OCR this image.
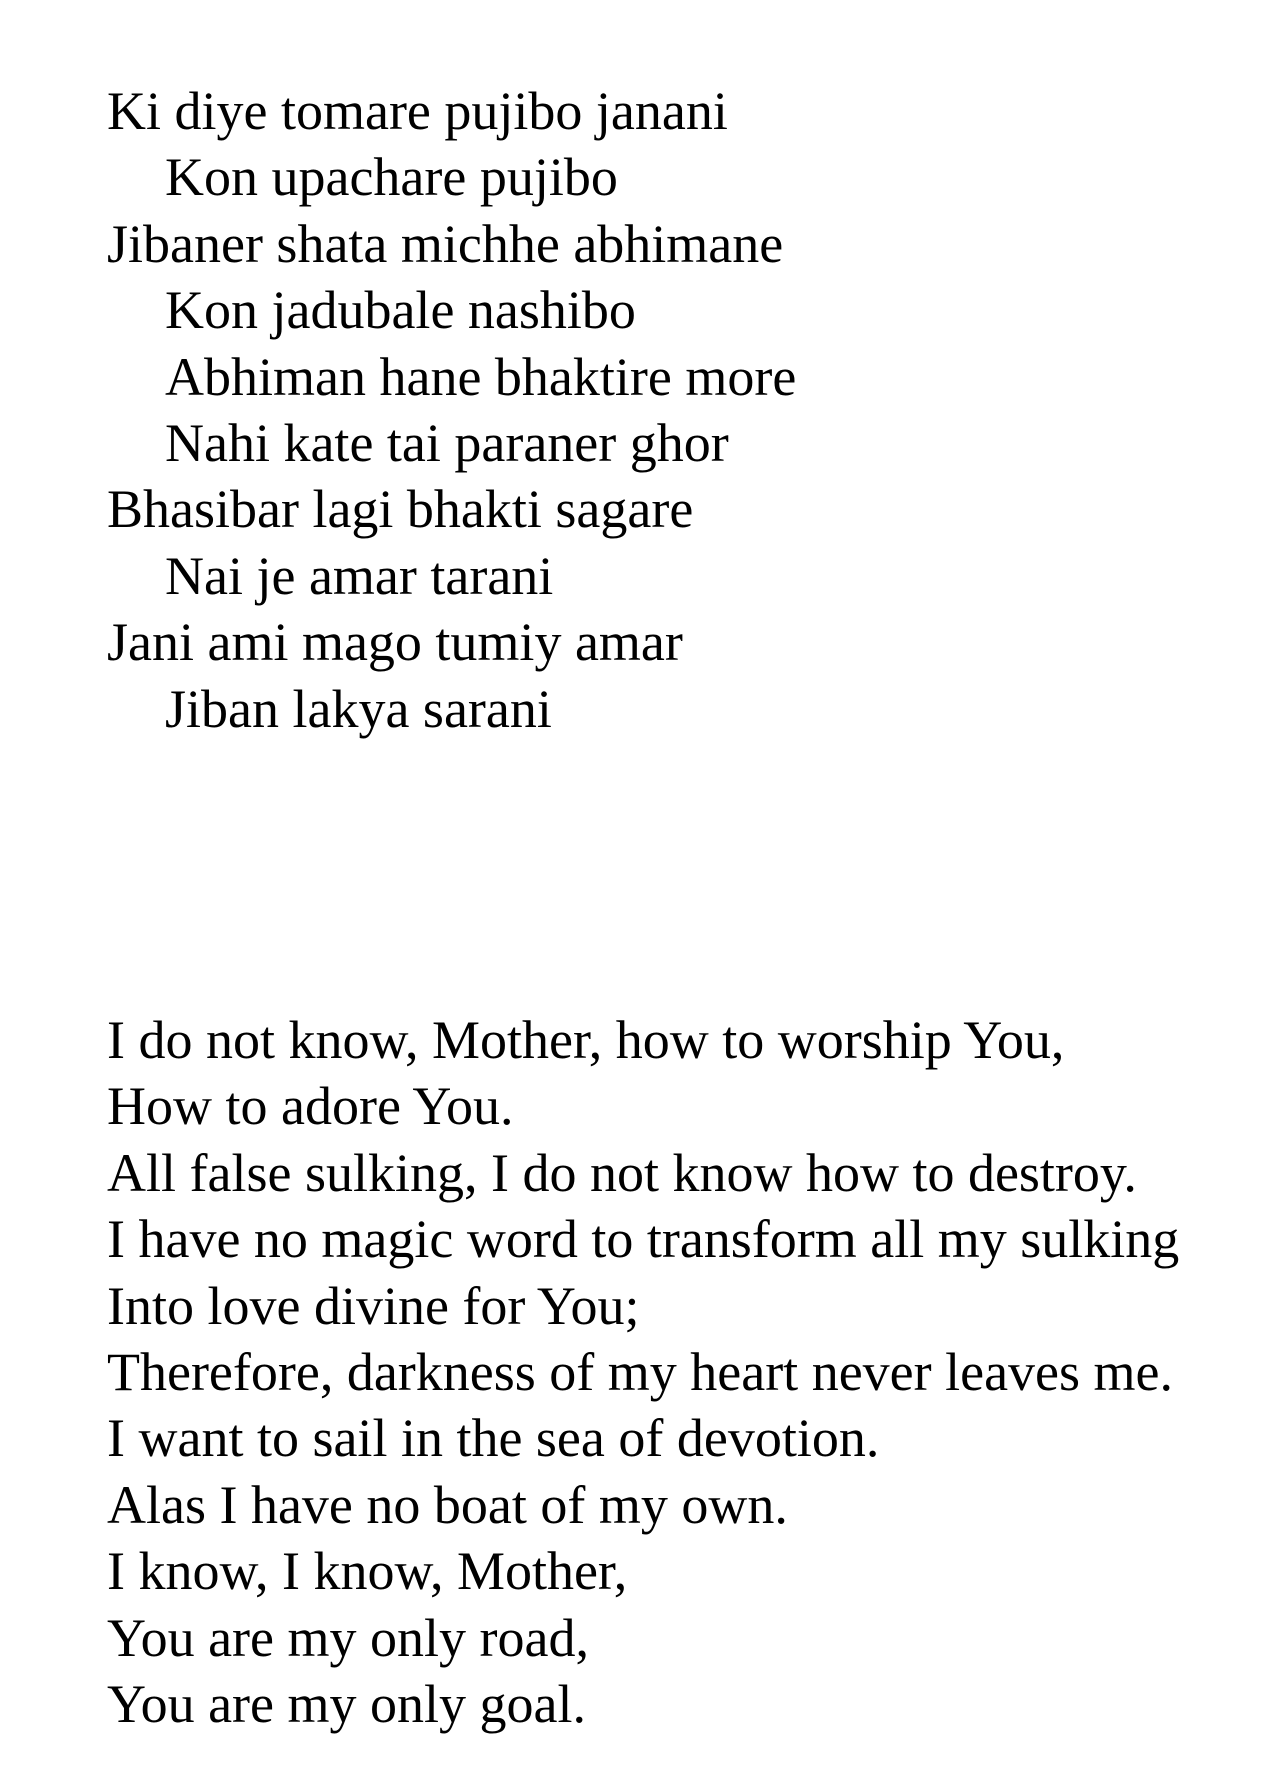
Ki diye tomare pujibo janani
Kon upachare pujibo
Jibaner shata michhe abhimane
Kon jadubale nashibo
Abhiman hane bhaktire more
Nahi kate tai paraner ghor
Bhasibar lagi bhakti sagare
Nai je amar tarani
Jani ami mago tumiy amar
Jiban lakya sarani
I do not know, Mother, how to worship You,
How to adore You.
All false sulking, I do not know how to destroy.
I have no magic word to transform all my sulking
Into love divine for You;
Therefore, darkness of my heart never leaves me.
I want to sail in the sea of devotion.
Alas I have no boat of my own.
I know, I know, Mother,
You are my only road,
You are my only goal.
